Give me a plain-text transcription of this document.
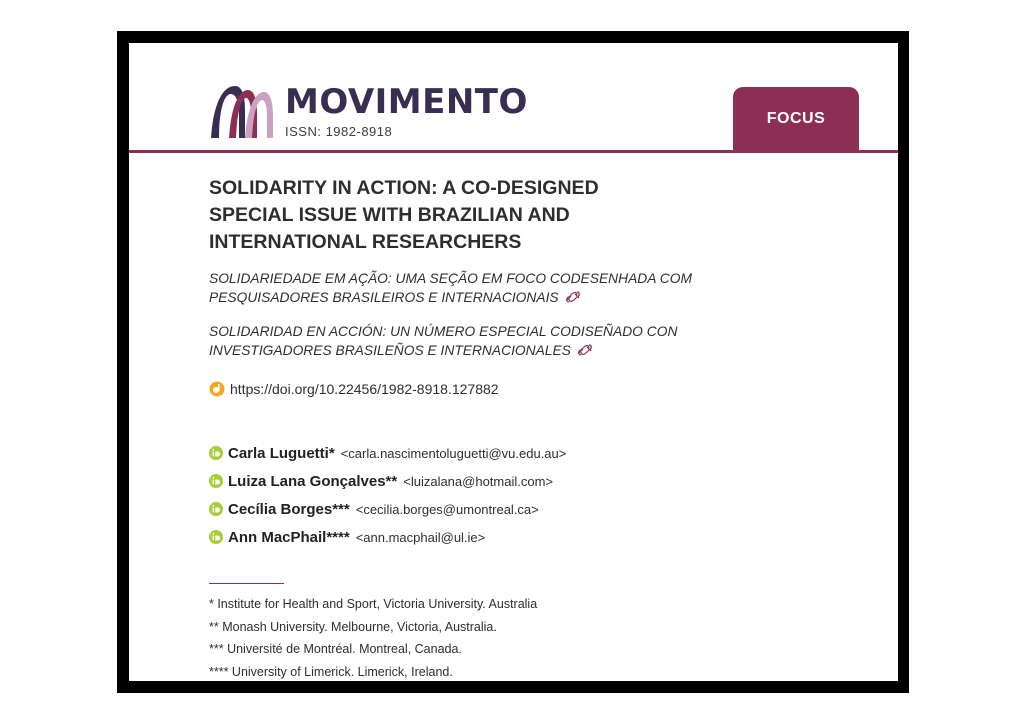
MOVIMENTO
ISSN: 1982-8918
FOCUS
SOLIDARITY IN ACTION: A CO-DESIGNED SPECIAL ISSUE WITH BRAZILIAN AND INTERNATIONAL RESEARCHERS

SOLIDARIEDADE EM AÇÃO: UMA SEÇÃO EM FOCO CODESENHADA COM PESQUISADORES BRASILEIROS E INTERNACIONAIS

SOLIDARIDAD EN ACCIÓN: UN NÚMERO ESPECIAL CODISEÑADO CON INVESTIGADORES BRASILEÑOS E INTERNACIONALES

https://doi.org/10.22456/1982-8918.127882
Carla Luguetti* <carla.nascimentoluguetti@vu.edu.au>
Luiza Lana Gonçalves** <luizalana@hotmail.com>
Cecília Borges*** <cecilia.borges@umontreal.ca>
Ann MacPhail**** <ann.macphail@ul.ie>
* Institute for Health and Sport, Victoria University. Australia
** Monash University. Melbourne, Victoria, Australia.
*** Université de Montréal. Montreal, Canada.
**** University of Limerick. Limerick, Ireland.
